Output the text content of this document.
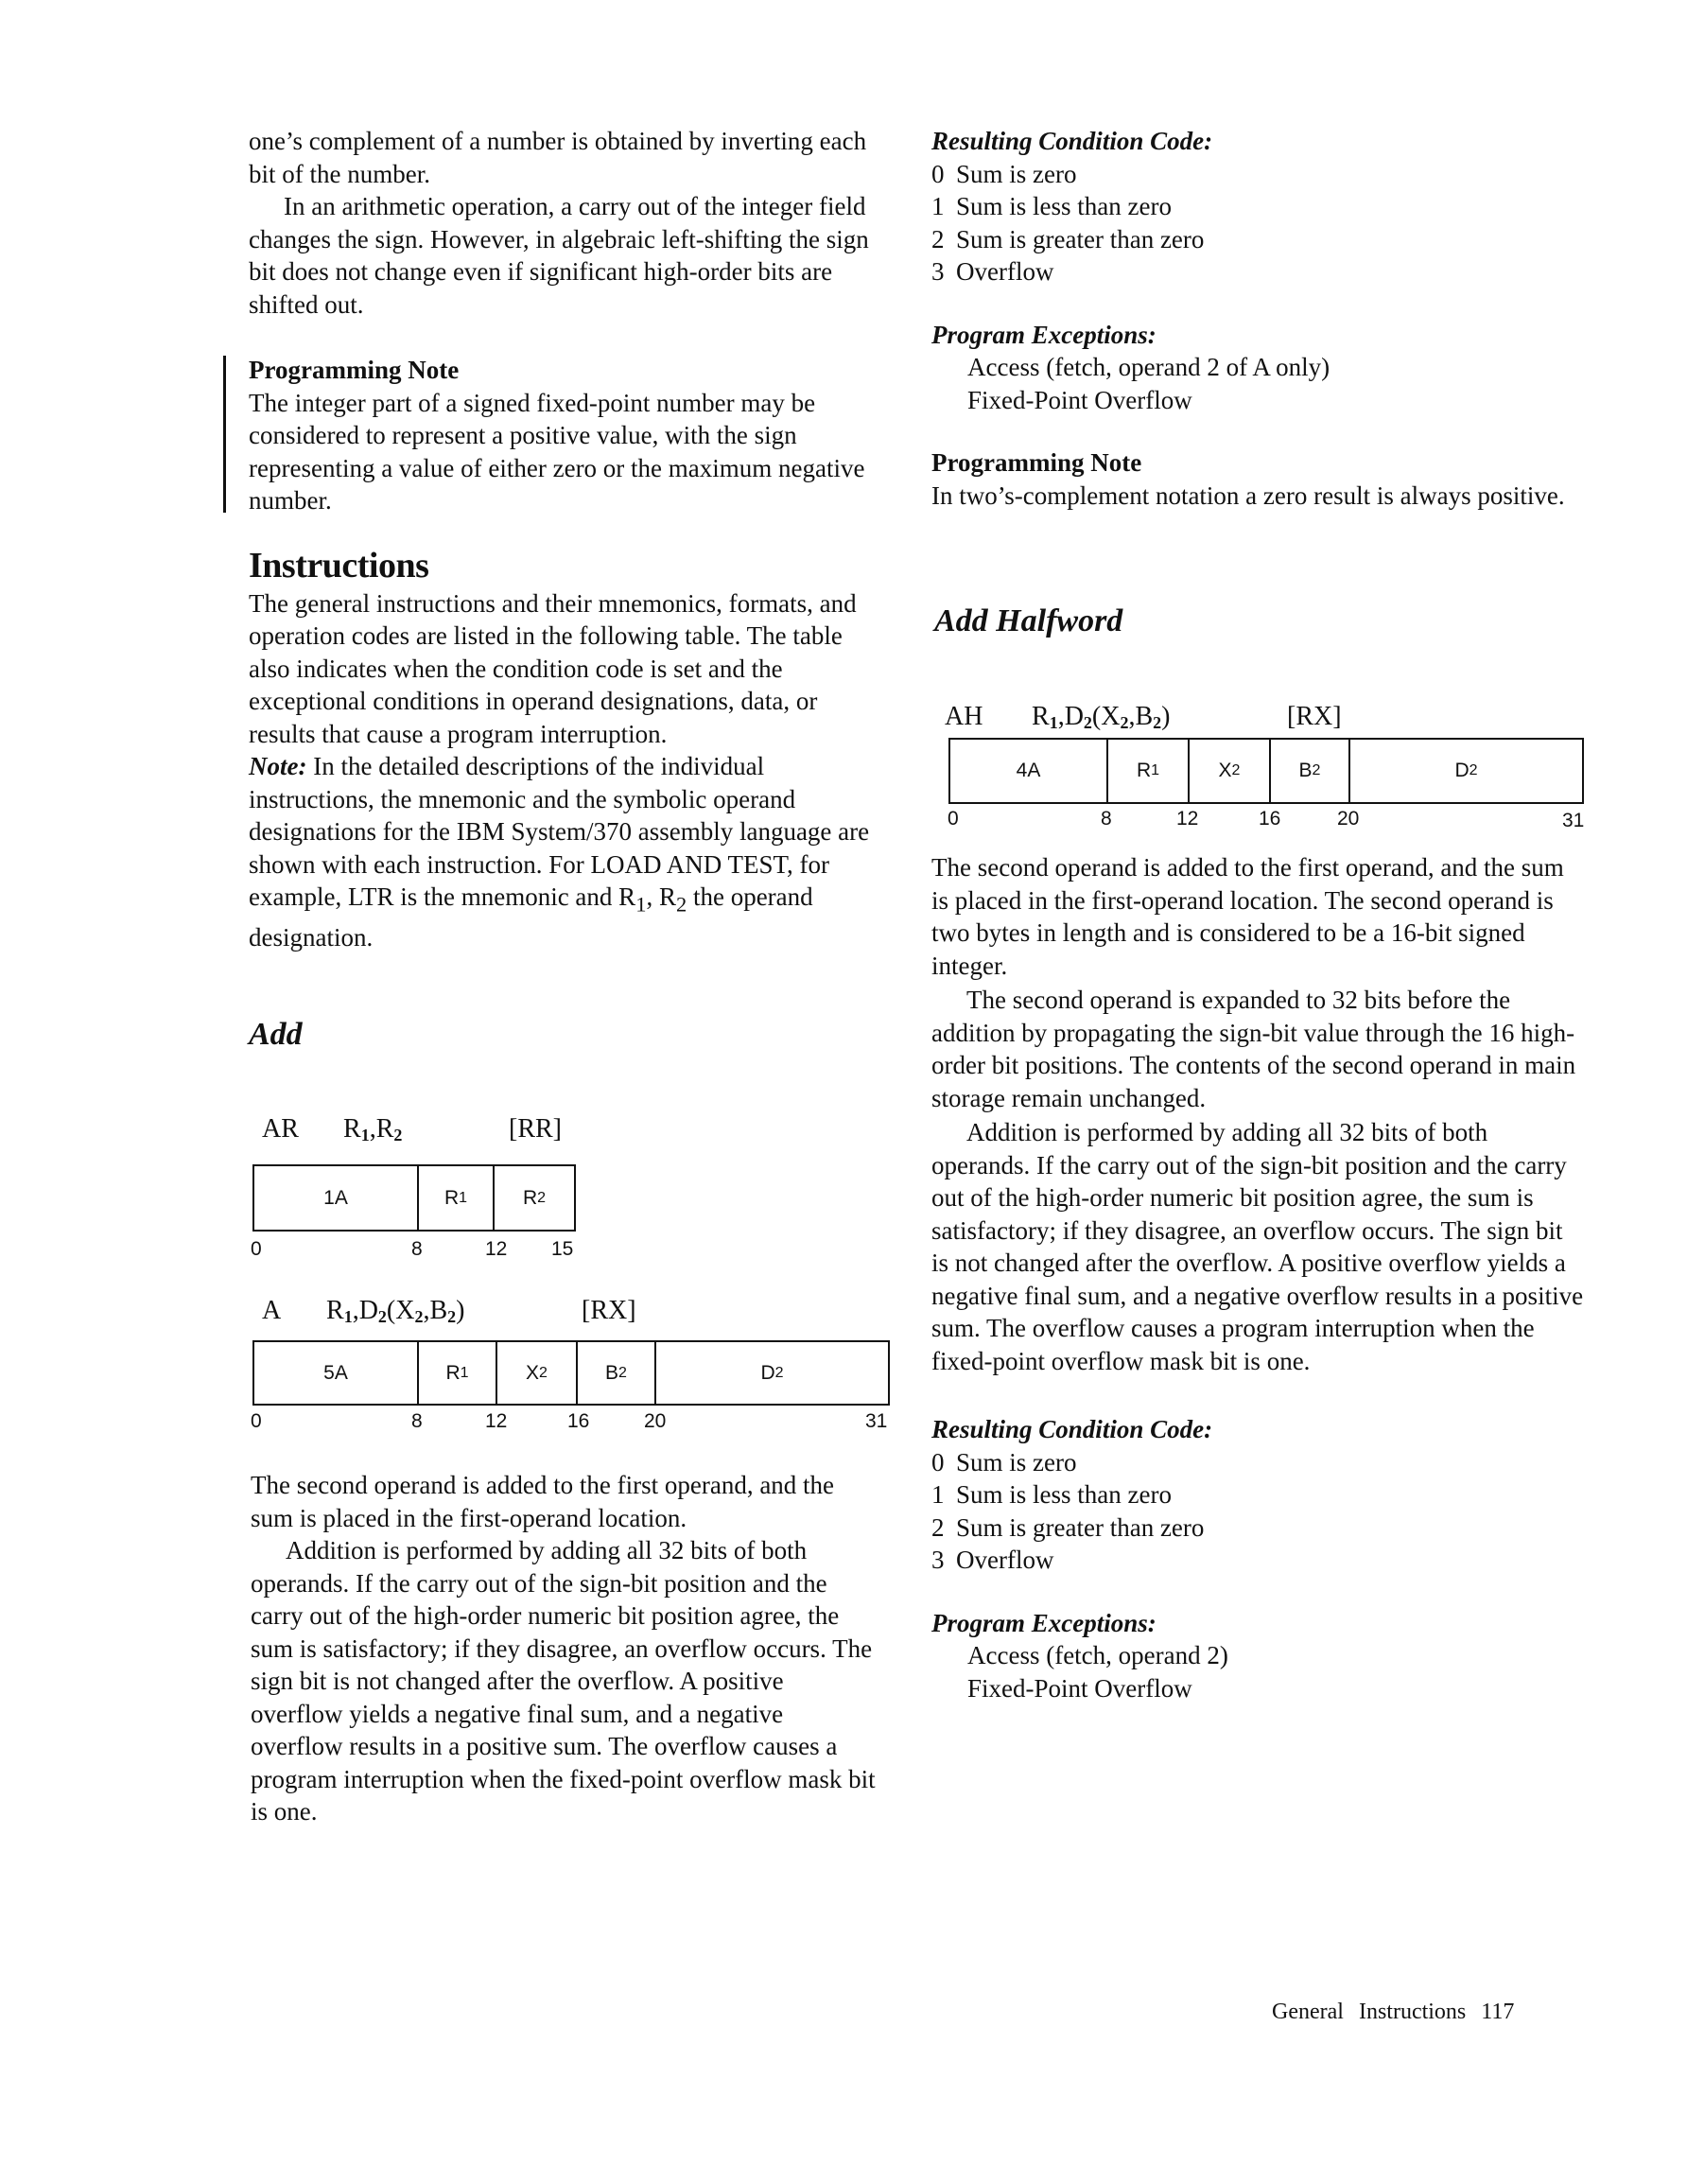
one’s complement of a number is obtained by inverting each bit of the number.

In an arithmetic operation, a carry out of the integer field changes the sign. However, in algebraic left-shifting the sign bit does not change even if significant high-order bits are shifted out.

Programming Note

The integer part of a signed fixed-point number may be considered to represent a positive value, with the sign representing a value of either zero or the maximum negative number.

Instructions

The general instructions and their mnemonics, formats, and operation codes are listed in the following table. The table also indicates when the condition code is set and the exceptional conditions in operand designations, data, or results that cause a program interruption.

Note: In the detailed descriptions of the individual instructions, the mnemonic and the symbolic operand designations for the IBM System/370 assembly language are shown with each instruction. For LOAD AND TEST, for example, LTR is the mnemonic and $R_1$, $R_2$ the operand designation.

Add

AR $R_1,R_2$	[RR]

1A	R 1	R 2
0	8	12 15

A $R_1,D_2(X_2,B_2)$	[RX]

5A	R 1	X 2	B 2	D 2
0	8	12	16	20	31

The second operand is added to the first operand, and the sum is placed in the first-operand location.

Addition is performed by adding all 32 bits of both operands. If the carry out of the sign-bit position and the carry out of the high-order numeric bit position agree, the sum is satisfactory; if they disagree, an overflow occurs. The sign bit is not changed after the overflow. A positive overflow yields a negative final sum, and a negative overflow results in a positive sum. The overflow causes a program interruption when the fixed-point overflow mask bit is one.

Resulting Condition Code:

0 Sum is zero
1 Sum is less than zero
2 Sum is greater than zero
3 Overflow

Program Exceptions:

Access (fetch, operand 2 of A only)
Fixed-Point Overflow

Programming Note

In two’s-complement notation a zero result is always positive.

Add Halfword

AH $R_1,D_2(X_2,B_2)$	[RX]

4A	R 1	X 2	B 2	D 2
0	8	12	16	20	31

The second operand is added to the first operand, and the sum is placed in the first-operand location. The second operand is two bytes in length and is considered to be a 16-bit signed integer.

The second operand is expanded to 32 bits before the addition by propagating the sign-bit value through the 16 high-order bit positions. The contents of the second operand in main storage remain unchanged.

Addition is performed by adding all 32 bits of both operands. If the carry out of the sign-bit position and the carry out of the high-order numeric bit position agree, the sum is satisfactory; if they disagree, an overflow occurs. The sign bit is not changed after the overflow. A positive overflow yields a negative final sum, and a negative overflow results in a positive sum. The overflow causes a program interruption when the fixed-point overflow mask bit is one.

Resulting Condition Code:

0 Sum is zero
1 Sum is less than zero
2 Sum is greater than zero
3 Overflow

Program Exceptions:

Access (fetch, operand 2)
Fixed-Point Overflow
General Instructions 117
